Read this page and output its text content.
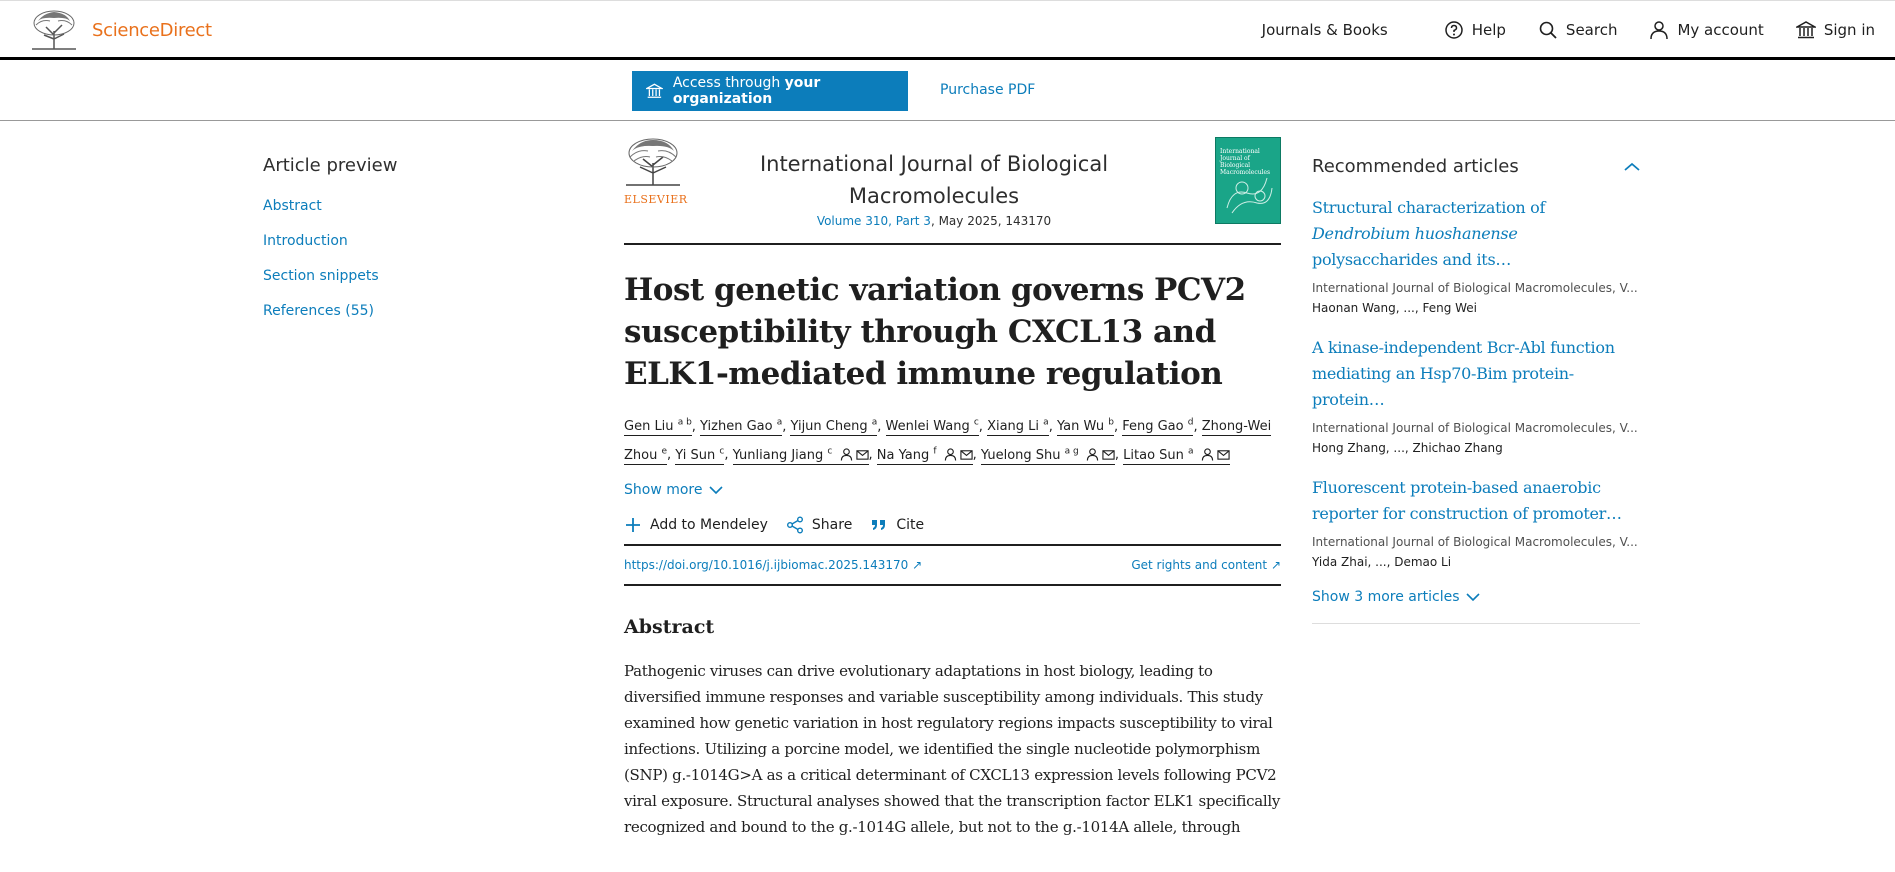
ScienceDirect	Journals & Books	Help	Search	My account	Sign in
Access through your organization
Purchase PDF
Article preview
Abstract
Introduction
Section snippets
References (55)
ELSEVIER
International Journal of Biological Macromolecules
Volume 310, Part 3, May 2025, 143170
International Journal of Biological Macromolecules
Host genetic variation governs PCV2 susceptibility through CXCL13 and ELK1-mediated immune regulation
Gen Liu $^{a b}$, Yizhen Gao $^a$, Yijun Cheng $^a$, Wenlei Wang $^c$, Xiang Li $^a$, Yan Wu $^b$, Feng Gao $^d$, Zhong-Wei Zhou $^e$, Yi Sun $^c$, Yunliang Jiang $^c$	, Na Yang $^f$	, Yuelong Shu $^{a g}$	, Litao Sun $^a$
Show more
Add to Mendeley	Share	Cite
https://doi.org/10.1016/j.ijbiomac.2025.143170 ↗	Get rights and content ↗
Abstract

Pathogenic viruses can drive evolutionary adaptations in host biology, leading to diversified immune responses and variable susceptibility among individuals. This study examined how genetic variation in host regulatory regions impacts susceptibility to viral infections. Utilizing a porcine model, we identified the single nucleotide polymorphism (SNP) g.-1014G>A as a critical determinant of CXCL13 expression levels following PCV2 viral exposure. Structural analyses showed that the transcription factor ELK1 specifically recognized and bound to the g.-1014G allele, but not to the g.-1014A allele, through

Recommended articles
Structural characterization of Dendrobium huoshanense polysaccharides and its…
International Journal of Biological Macromolecules, V...
Haonan Wang, ..., Feng Wei
A kinase-independent Bcr-Abl function mediating an Hsp70-Bim protein-protein…
International Journal of Biological Macromolecules, V...
Hong Zhang, ..., Zhichao Zhang
Fluorescent protein-based anaerobic reporter for construction of promoter…
International Journal of Biological Macromolecules, V...
Yida Zhai, ..., Demao Li
Show 3 more articles
